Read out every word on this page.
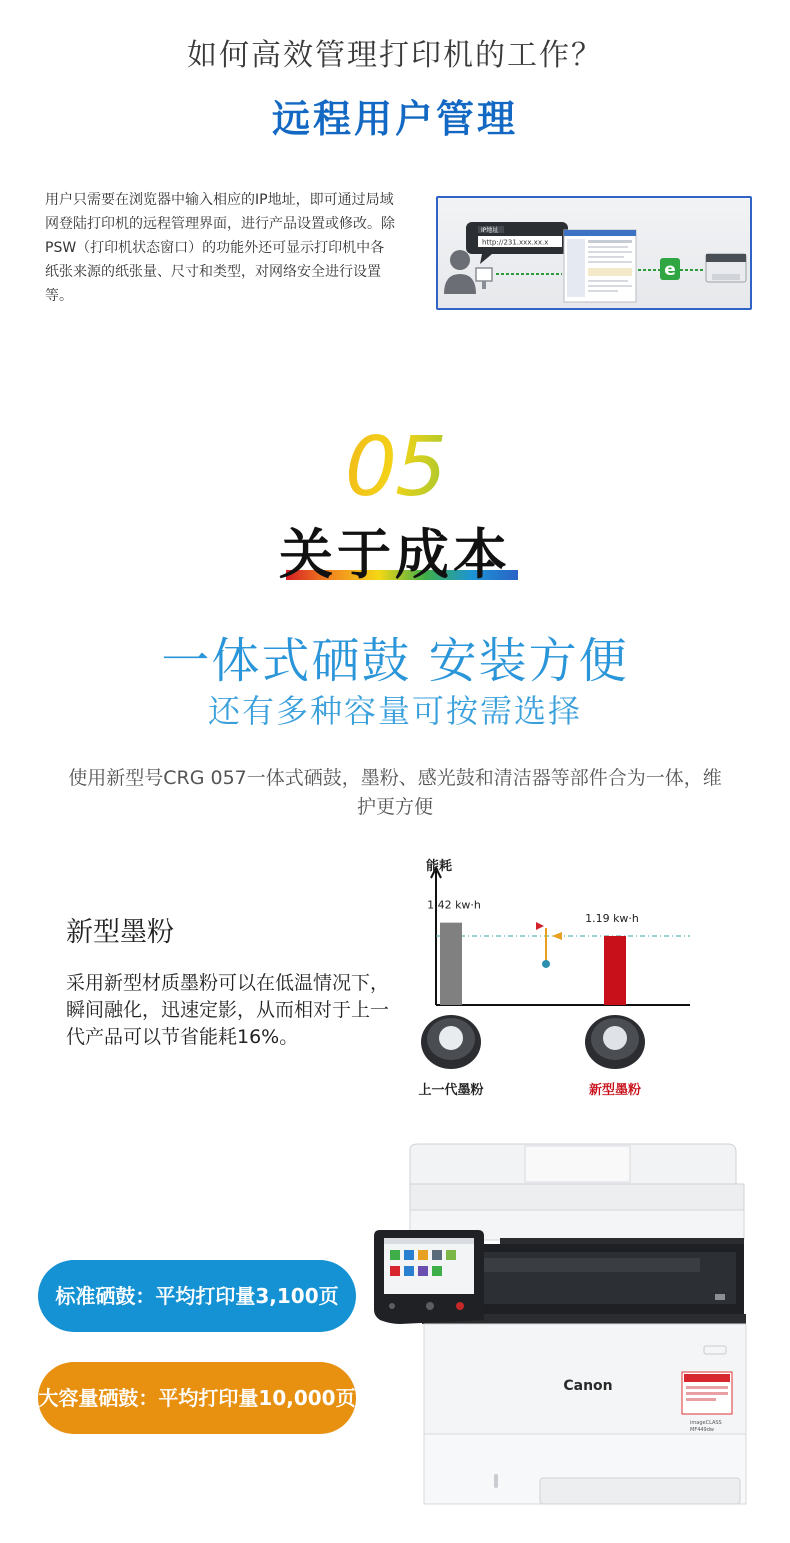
如何高效管理打印机的工作？
远程用户管理
用户只需要在浏览器中输入相应的IP地址，即可通过局域网登陆打印机的远程管理界面，进行产品设置或修改。除PSW（打印机状态窗口）的功能外还可显示打印机中各纸张来源的纸张量、尺寸和类型，对网络安全进行设置等。
IP地址
http://231.xxx.xx.x
e
05
关于成本
一体式硒鼓 安装方便
还有多种容量可按需选择
使用新型号CRG 057一体式硒鼓，墨粉、感光鼓和清洁器等部件合为一体，维护更方便
新型墨粉
采用新型材质墨粉可以在低温情况下，瞬间融化，迅速定影，从而相对于上一代产品可以节省能耗16%。
能耗
1.42 kw·h
1.19 kw·h
上一代墨粉	新型墨粉
标准硒鼓：平均打印量3,100页
大容量硒鼓：平均打印量10,000页	Canon
imageCLASS
MF449dw
